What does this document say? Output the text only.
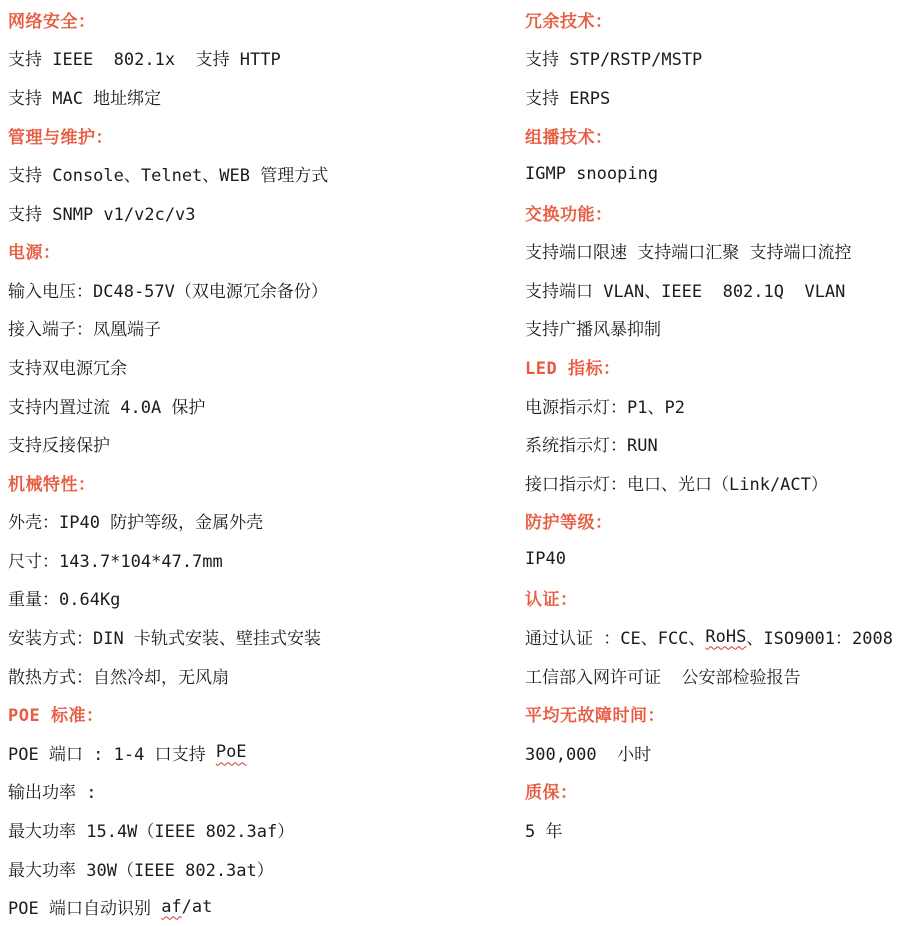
网络安全：
支持 IEEE  802.1x  支持 HTTP
支持 MAC 地址绑定
管理与维护：
支持 Console、Telnet、WEB 管理方式
支持 SNMP v1/v2c/v3
电源：
输入电压：DC48-57V（双电源冗余备份）
接入端子：凤凰端子
支持双电源冗余
支持内置过流 4.0A 保护
支持反接保护
机械特性：
外壳：IP40 防护等级，金属外壳
尺寸：143.7*104*47.7mm
重量：0.64Kg
安装方式：DIN 卡轨式安装、壁挂式安装
散热方式：自然冷却，无风扇
POE 标准：
POE 端口 : 1-4 口支持 PoE
输出功率 :
最大功率 15.4W（IEEE 802.3af）
最大功率 30W（IEEE 802.3at）
POE 端口自动识别 af /at
冗余技术：
支持 STP/RSTP/MSTP
支持 ERPS
组播技术：
IGMP snooping
交换功能：
支持端口限速 支持端口汇聚 支持端口流控
支持端口 VLAN、IEEE  802.1Q  VLAN
支持广播风暴抑制
LED 指标：
电源指示灯：P1、P2
系统指示灯：RUN
接口指示灯：电口、光口（Link/ACT）
防护等级：
IP40
认证：
通过认证 ：CE、FCC、 RoHS 、ISO9001：2008
工信部入网许可证  公安部检验报告
平均无故障时间：
300,000  小时
质保：
5 年
